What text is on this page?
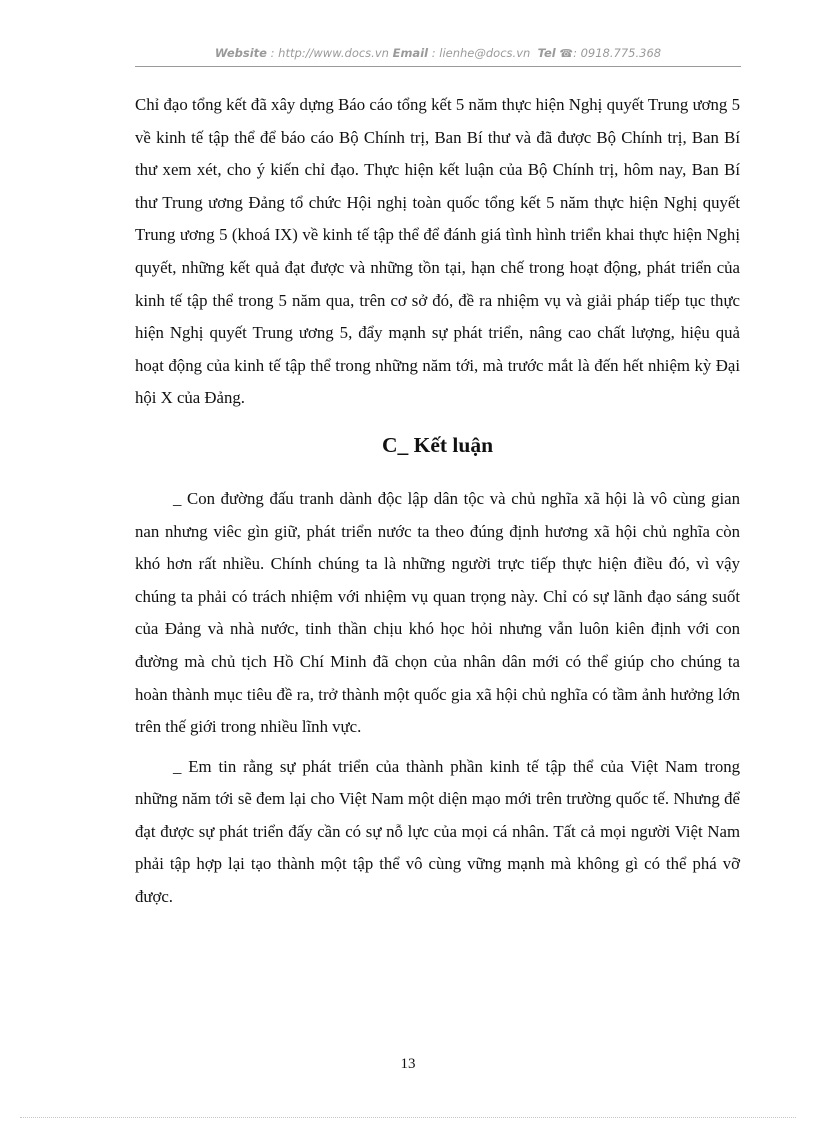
Website : http://www.docs.vn Email : lienhe@docs.vn Tel ☎: 0918.775.368

Chỉ đạo tổng kết đã xây dựng Báo cáo tổng kết 5 năm thực hiện Nghị quyết Trung ương 5 về kinh tế tập thể để báo cáo Bộ Chính trị, Ban Bí thư và đã được Bộ Chính trị, Ban Bí thư xem xét, cho ý kiến chỉ đạo. Thực hiện kết luận của Bộ Chính trị, hôm nay, Ban Bí thư Trung ương Đảng tổ chức Hội nghị toàn quốc tổng kết 5 năm thực hiện Nghị quyết Trung ương 5 (khoá IX) về kinh tế tập thể để đánh giá tình hình triển khai thực hiện Nghị quyết, những kết quả đạt được và những tồn tại, hạn chế trong hoạt động, phát triển của kinh tế tập thể trong 5 năm qua, trên cơ sở đó, đề ra nhiệm vụ và giải pháp tiếp tục thực hiện Nghị quyết Trung ương 5, đẩy mạnh sự phát triển, nâng cao chất lượng, hiệu quả hoạt động của kinh tế tập thể trong những năm tới, mà trước mắt là đến hết nhiệm kỳ Đại hội X của Đảng.

C_ Kết luận

_ Con đường đấu tranh dành độc lập dân tộc và chủ nghĩa xã hội là vô cùng gian nan nhưng viêc gìn giữ, phát triển nước ta theo đúng định hương xã hội chủ nghĩa còn khó hơn rất nhiều. Chính chúng ta là những người trực tiếp thực hiện điều đó, vì vậy chúng ta phải có trách nhiệm với nhiệm vụ quan trọng này. Chỉ có sự lãnh đạo sáng suốt của Đảng và nhà nước, tinh thần chịu khó học hỏi nhưng vẫn luôn kiên định với con đường mà chủ tịch Hồ Chí Minh đã chọn của nhân dân mới có thể giúp cho chúng ta hoàn thành mục tiêu đề ra, trở thành một quốc gia xã hội chủ nghĩa có tầm ảnh hưởng lớn trên thế giới trong nhiều lĩnh vực.

_ Em tin rằng sự phát triển của thành phần kinh tế tập thể của Việt Nam trong những năm tới sẽ đem lại cho Việt Nam một diện mạo mới trên trường quốc tế. Nhưng để đạt được sự phát triển đấy cần có sự nỗ lực của mọi cá nhân. Tất cả mọi người Việt Nam phải tập hợp lại tạo thành một tập thể vô cùng vững mạnh mà không gì có thể phá vỡ được.

13
